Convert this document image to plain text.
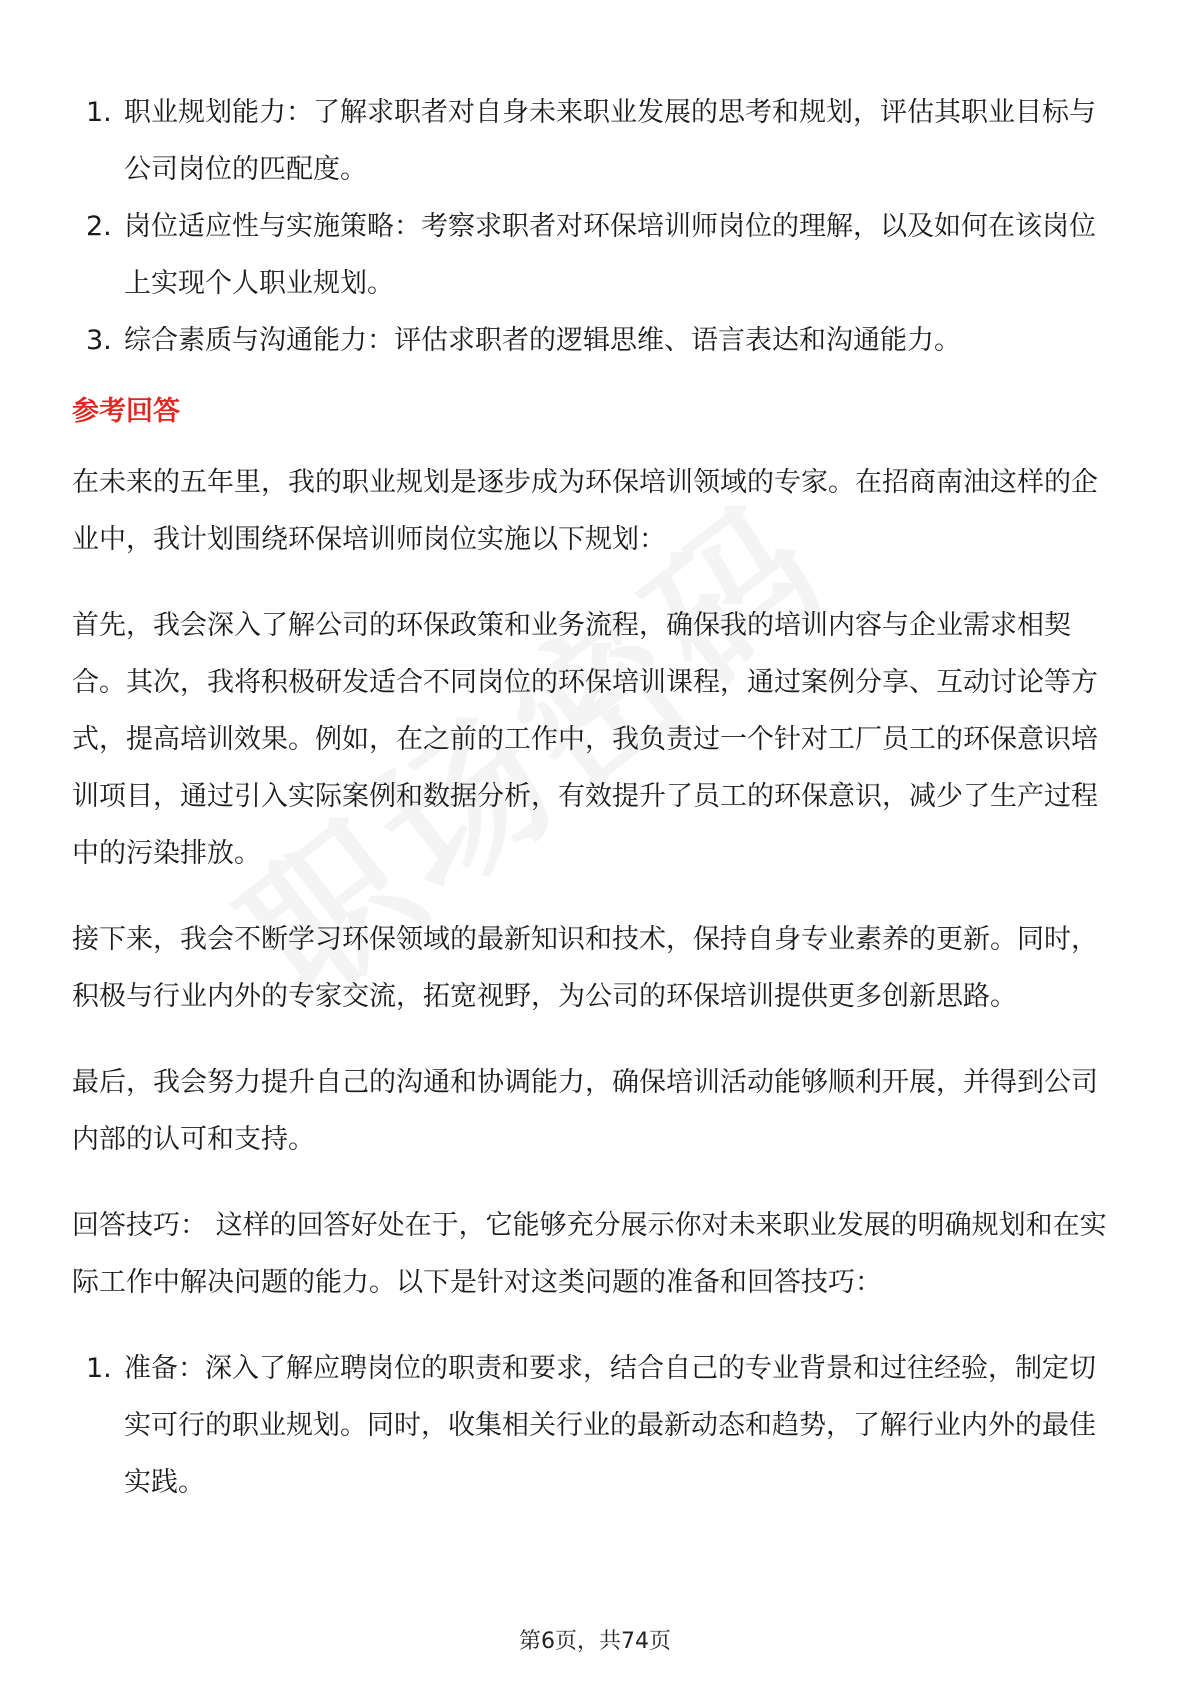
1. 职业规划能力：了解求职者对自身未来职业发展的思考和规划，评估其职业目标与公司岗位的匹配度。
2. 岗位适应性与实施策略：考察求职者对环保培训师岗位的理解，以及如何在该岗位上实现个人职业规划。
3. 综合素质与沟通能力：评估求职者的逻辑思维、语言表达和沟通能力。
参考回答

在未来的五年里，我的职业规划是逐步成为环保培训领域的专家。在招商南油这样的企业中，我计划围绕环保培训师岗位实施以下规划：

首先，我会深入了解公司的环保政策和业务流程，确保我的培训内容与企业需求相契合。其次，我将积极研发适合不同岗位的环保培训课程，通过案例分享、互动讨论等方式，提高培训效果。例如，在之前的工作中，我负责过一个针对工厂员工的环保意识培训项目，通过引入实际案例和数据分析，有效提升了员工的环保意识，减少了生产过程中的污染排放。

接下来，我会不断学习环保领域的最新知识和技术，保持自身专业素养的更新。同时，积极与行业内外的专家交流，拓宽视野，为公司的环保培训提供更多创新思路。

最后，我会努力提升自己的沟通和协调能力，确保培训活动能够顺利开展，并得到公司内部的认可和支持。

回答技巧： 这样的回答好处在于，它能够充分展示你对未来职业发展的明确规划和在实际工作中解决问题的能力。以下是针对这类问题的准备和回答技巧：

1. 准备：深入了解应聘岗位的职责和要求，结合自己的专业背景和过往经验，制定切实可行的职业规划。同时，收集相关行业的最新动态和趋势，了解行业内外的最佳实践。
第6页，共74页
